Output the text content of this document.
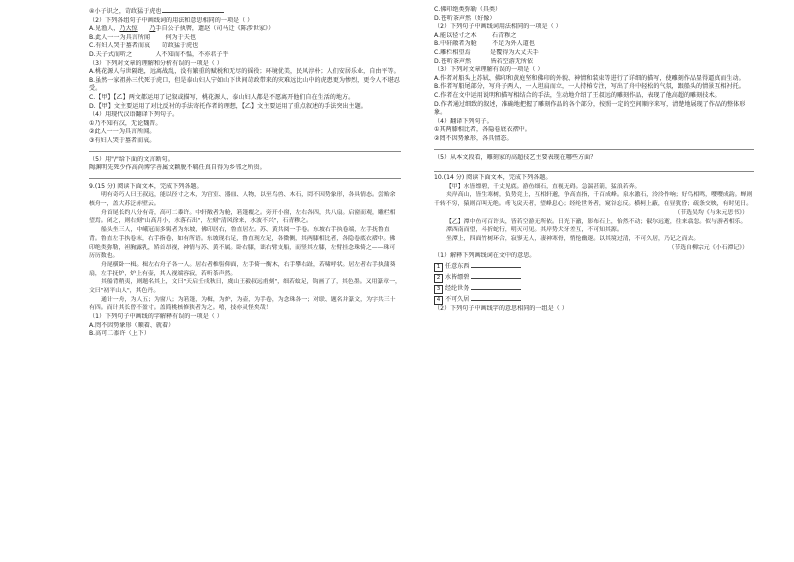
④小子识之，苛政猛于虎也
（2）下列各组句子中画线词的用法和意思相同的一项是（ ）
A.见渔人，乃大惊 乃手自公子执辔，遗赵（司马迁《陈涉世家》）
B.此人一一为具言所闻        何为于夫也
C.有妇人哭于墓者而哀      苛政猛于虎也
D.夫子式而听之            人不知而不愠，不亦君子乎
（3）下列对文章的理解和分析有误的一项是（ ）
A.桃花源人与世隔绝，远离战乱，没有繁重的赋税和无尽的徭役；环境优美，民风淳朴；人们安居乐业，自由平等。
B.虽然一家祖孙三代死于虎口，但是泰山妇人宁如山下世间苛政带来的灾难远比山中的虎患更为惨烈，更令人不堪忍受。
C.【甲】【乙】两文都运用了记叙或描写，桃花源人、泰山妇人都是不愿离开他们自在生活的地方。
D.【甲】文主要运用了对比反衬的手法寄托作者的理想，【乙】文主要运用了重点叙述的手法突出主题。
（4）用现代汉语翻译下列句子。
①乃不知有汉，无论魏晋。
②此人一一为具言所闻。
③有妇人哭于墓者而哀。
（5）用"/"给下面的文言断句。
陶渊明先死少作高尚博学善属文颖脱不羁任真自得为乡邻之所贵。
9.(15 分) 阅读下面文本，完成下列各题。
明有奇巧人曰王叔远，能以径寸之木，为宫室、器皿、人物，以至鸟兽、木石，罔不因势象形，各具情态。尝贻余核舟一，盖大苏泛赤壁云。
舟首尾长约八分有奇，高可二黍许。中轩敞者为舱，箬篷覆之。旁开小窗，左右各四，共八扇。启窗而观，雕栏相望焉。闭之，则右刻"山高月小，水落石出"，左刻"清风徐来，水波不兴"，石青糁之。
船头坐三人，中峨冠而多髯者为东坡，佛印居右，鲁直居左。苏、黄共阅一手卷。东坡右手执卷端，左手抚鲁直背。鲁直左手执卷末，右手指卷，如有所语。东坡现右足，鲁直现左足，各微侧，其两膝相比者，各隐卷底衣褶中。佛印绝类弥勒，袒胸露乳，矫首昂视，神情与苏、黄不属。卧右膝，诎右臂支船，而竖其左膝，左臂挂念珠倚之——珠可历历数也。
舟尾横卧一楫。楫左右舟子各一人。居右者椎髻仰面，左手倚一衡木，右手攀右趾，若啸呼状。居左者右手执蒲葵扇，左手抚炉，炉上有壶，其人视端容寂，若听茶声然。
其船背稍夷，则题名其上，文曰"天启壬戌秋日，虞山王毅叔远甫刻"，细若蚊足，钩画了了，其色墨。又用篆章一，文曰"初平山人"，其色丹。
通计一舟，为人五；为窗八；为箬篷，为楫，为炉，为壶，为手卷，为念珠各一；对联、题名并篆文，为字共三十有四。而计其长曾不盈寸。盖简桃核修狭者为之。嘻，技亦灵怪矣哉！
（1）下列句子中画线的字解释有误的一项是（ ）
A.罔不因势象形（顺着、就着）
B.高可二黍许（上下）
C.佛印绝类弥勒（具类）
D.苍听茶声然（好像）
（2）下列句子中画线词用法相同的一项是（ ）
A.能以径寸之木        石青糁之
B.中轩敞者为舱        不足为外人道也
C.雕栏相望焉          是覆得为大丈夫手
D.苍听茶声然          皆若空游无所依
（3）下列对文章理解有误的一项是（ ）
A.作者对船头上苏轼、佛印和黄庭坚和佛印的外貌、神情和装束等进行了详细的描写，使雕刻作品显得逼真而生动。
B.作者写船尾部分，写舟子两人，一人坦肩而立，一人持椿专注，写出了舟中轻松的气氛，跟船头的情景互相衬托。
C.作者在文中运用说明和描写相结合的手法，生动地介绍了王叔远的雕刻作品，表现了他高超的雕刻技术。
D.作者通过细致的叙述，准确地把握了雕刻作品的各个部分，按照一定的空间顺序来写，清楚地展现了作品的整体形象。
（4）翻译下列句子。
①其两膝相比者，各隐卷底衣褶中。
②罔不因势象形，各具情态。
（5）从本文段看，雕刻家的高超技艺主要表现在哪些方面？
10.(14 分) 阅读下面文本，完成下列各题。
【甲】水皆缥碧，千丈见底。游鱼细石，直视无碍。急湍甚箭，猛浪若奔。
夹岸高山，皆生寒树，负势竞上，互相轩邈，争高直指，千百成峰。泉水激石，泠泠作响；好鸟相鸣，嘤嘤成韵。蝉则千转不穷，猿则百叫无绝。鸢飞戾天者，望峰息心；经纶世务者，窥谷忘反。横柯上蔽，在昼犹昏；疏条交映，有时见日。
（节选吴均《与朱元思书》）
【乙】潭中鱼可百许头，皆若空游无所依。日光下澈，影布石上，佁然不动；俶尔远逝，往来翕忽。似与游者相乐。
潭西南而望，斗折蛇行，明灭可见。其岸势犬牙差互，不可知其源。
坐潭上，四面竹树环合，寂寥无人，凄神寒骨，悄怆幽邃。以其境过清，不可久居，乃记之而去。
（节选自柳宗元《小石潭记》）
（1）解释下列画线词在文中的意思。
1 任意东西
2 水皆缥碧
3 经纶世务
4 不可久居
（2）下列句子中画线字的意思相同的一组是（ ）
